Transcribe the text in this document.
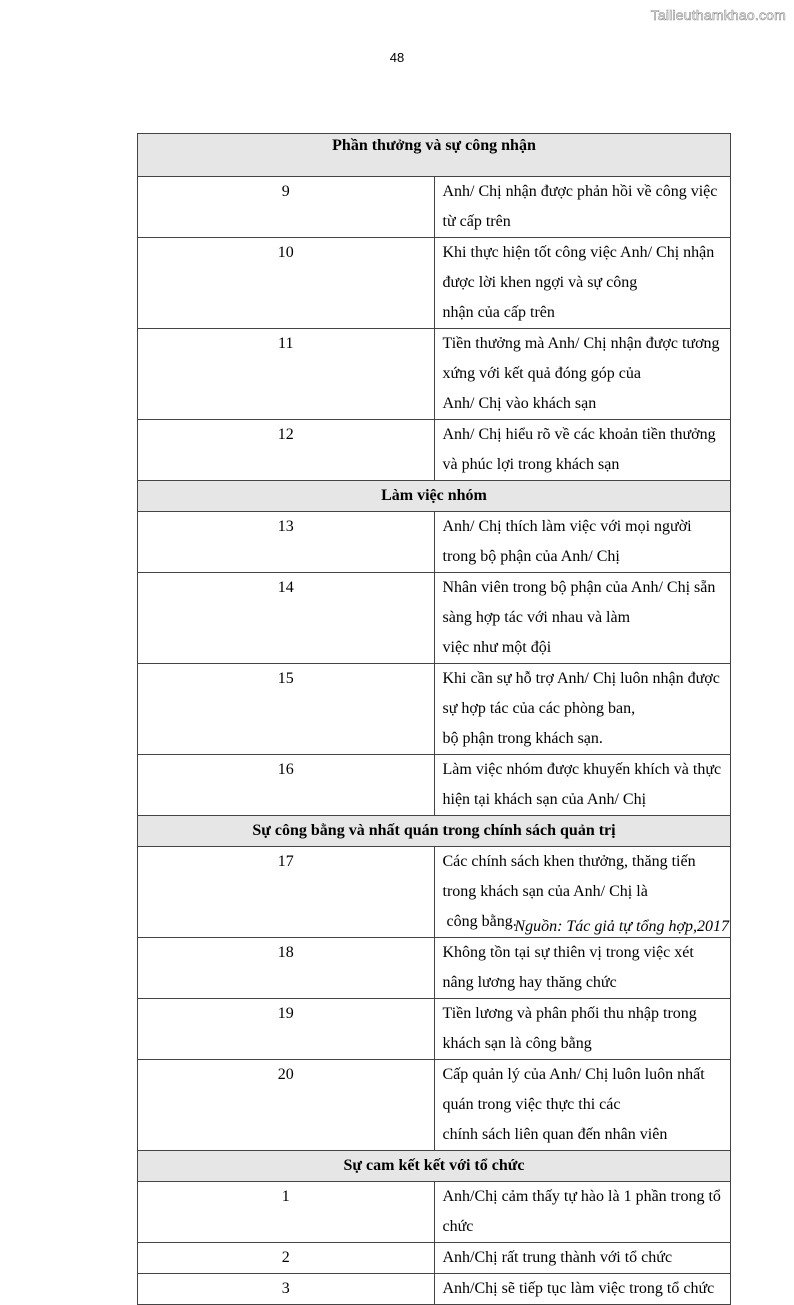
Tailieuthamkhao.com
48
Phần thưởng và sự công nhận	
9	Anh/ Chị nhận được phản hồi về công việc từ cấp trên

10	Khi thực hiện tốt công việc Anh/ Chị nhận được lời khen ngợi và sự công
nhận của cấp trên

11	Tiền thưởng mà Anh/ Chị nhận được tương xứng với kết quả đóng góp của
Anh/ Chị vào khách sạn

12	Anh/ Chị hiểu rõ về các khoản tiền thưởng và phúc lợi trong khách sạn

Làm việc nhóm	
13	Anh/ Chị thích làm việc với mọi người trong bộ phận của Anh/ Chị

14	Nhân viên trong bộ phận của Anh/ Chị sẵn sàng hợp tác với nhau và làm
việc như một đội

15	Khi cần sự hỗ trợ Anh/ Chị luôn nhận được sự hợp tác của các phòng ban,
bộ phận trong khách sạn.

16	Làm việc nhóm được khuyến khích và thực hiện tại khách sạn của Anh/ Chị

Sự công bằng và nhất quán trong chính sách quản trị	
17	Các chính sách khen thưởng, thăng tiến trong khách sạn của Anh/ Chị là
công bằng.

18	Không tồn tại sự thiên vị trong việc xét nâng lương hay thăng chức

19	Tiền lương và phân phối thu nhập trong khách sạn là công bằng

20	Cấp quản lý của Anh/ Chị luôn luôn nhất quán trong việc thực thi các
chính sách liên quan đến nhân viên

Sự cam kết kết với tổ chức	
1	Anh/Chị cảm thấy tự hào là 1 phần trong tổ chức

2	Anh/Chị rất trung thành với tổ chức

3	Anh/Chị sẽ tiếp tục làm việc trong tổ chức
Nguồn: Tác giả tự tổng hợp,2017
